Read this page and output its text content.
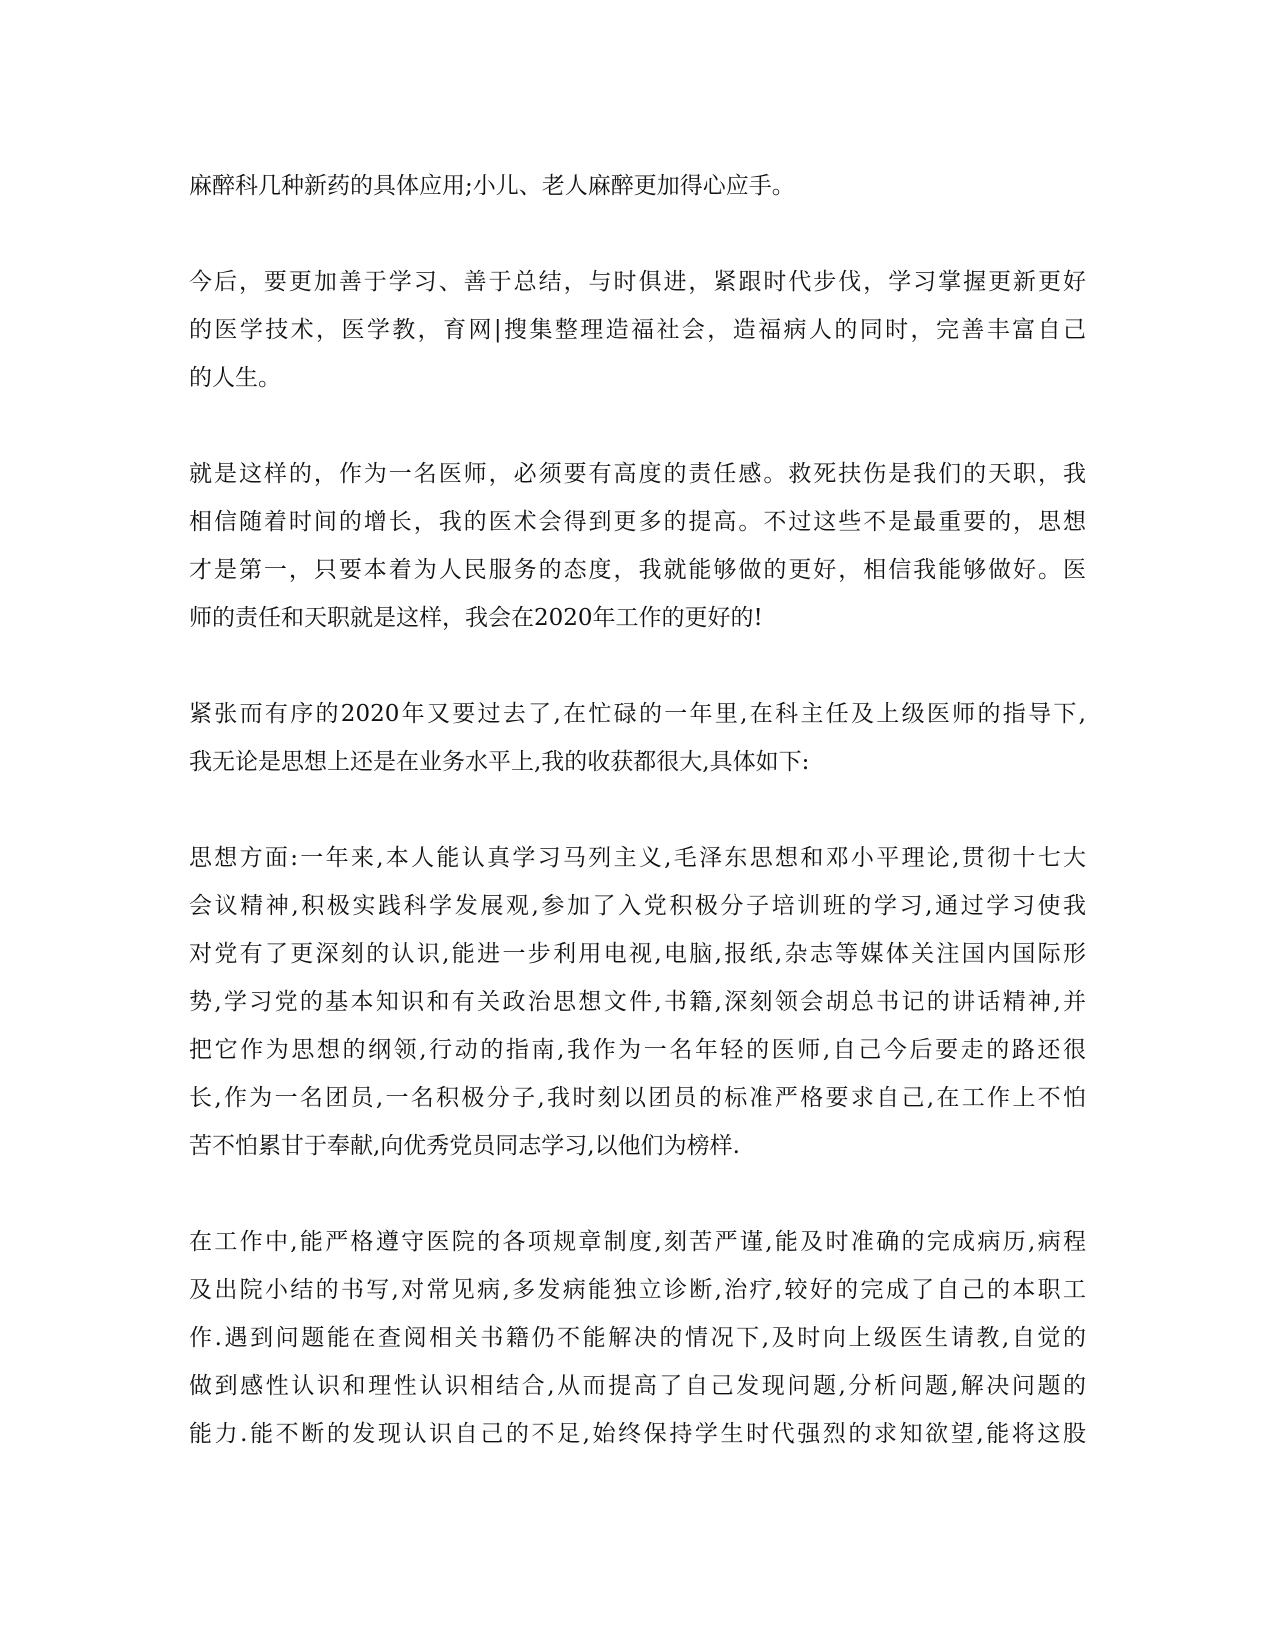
麻醉科几种新药的具体应用;小儿、老人麻醉更加得心应手。

今后，要更加善于学习、善于总结，与时俱进，紧跟时代步伐，学习掌握更新更好
的医学技术，医学教，育网|搜集整理造福社会，造福病人的同时，完善丰富自己
的人生。

就是这样的，作为一名医师，必须要有高度的责任感。救死扶伤是我们的天职，我
相信随着时间的增长，我的医术会得到更多的提高。不过这些不是最重要的，思想
才是第一，只要本着为人民服务的态度，我就能够做的更好，相信我能够做好。医
师的责任和天职就是这样，我会在2020年工作的更好的!

紧张而有序的2020年又要过去了,在忙碌的一年里,在科主任及上级医师的指导下,
我无论是思想上还是在业务水平上,我的收获都很大,具体如下:

思想方面:一年来,本人能认真学习马列主义,毛泽东思想和邓小平理论,贯彻十七大
会议精神,积极实践科学发展观,参加了入党积极分子培训班的学习,通过学习使我
对党有了更深刻的认识,能进一步利用电视,电脑,报纸,杂志等媒体关注国内国际形
势,学习党的基本知识和有关政治思想文件,书籍,深刻领会胡总书记的讲话精神,并
把它作为思想的纲领,行动的指南,我作为一名年轻的医师,自己今后要走的路还很
长,作为一名团员,一名积极分子,我时刻以团员的标准严格要求自己,在工作上不怕
苦不怕累甘于奉献,向优秀党员同志学习,以他们为榜样.

在工作中,能严格遵守医院的各项规章制度,刻苦严谨,能及时准确的完成病历,病程
及出院小结的书写,对常见病,多发病能独立诊断,治疗,较好的完成了自己的本职工
作.遇到问题能在查阅相关书籍仍不能解决的情况下,及时向上级医生请教,自觉的
做到感性认识和理性认识相结合,从而提高了自己发现问题,分析问题,解决问题的
能力.能不断的发现认识自己的不足,始终保持学生时代强烈的求知欲望,能将这股
